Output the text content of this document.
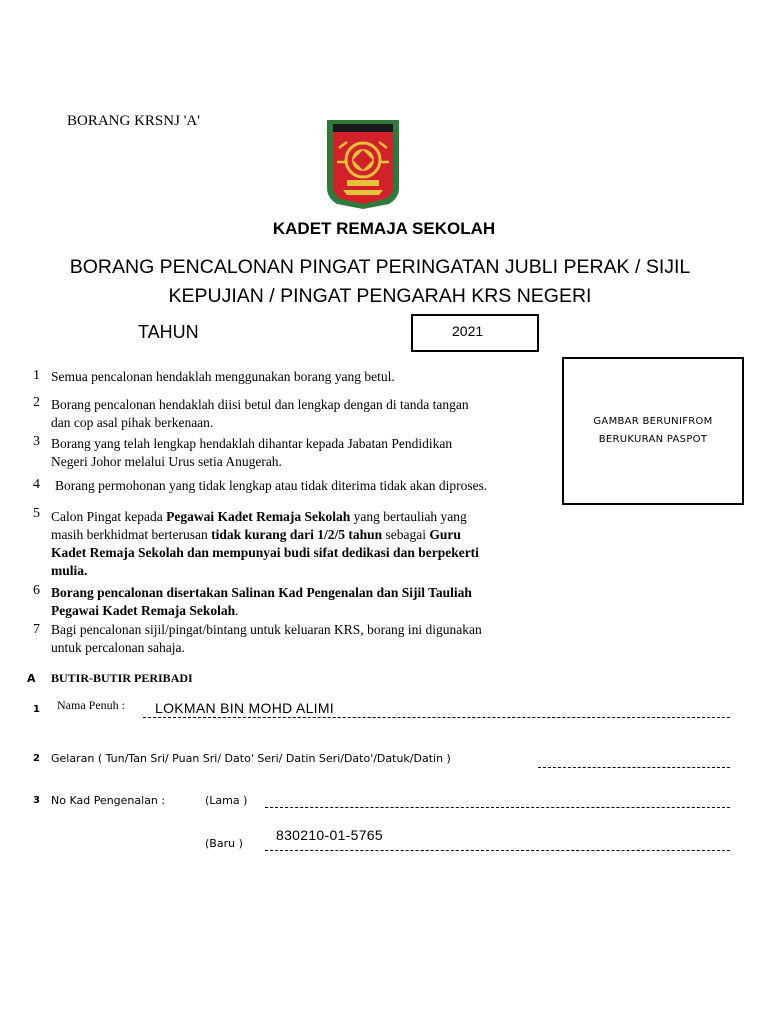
BORANG KRSNJ 'A'
KADET REMAJA SEKOLAH
BORANG PENCALONAN PINGAT PERINGATAN JUBLI PERAK / SIJIL
KEPUJIAN / PINGAT PENGARAH KRS NEGERI
TAHUN	2021
GAMBAR BERUNIFROM
BERUKURAN PASPOT
1 Semua pencalonan hendaklah menggunakan borang yang betul.
2 Borang pencalonan hendaklah diisi betul dan lengkap dengan di tanda tangan
dan cop asal pihak berkenaan.
3 Borang yang telah lengkap hendaklah dihantar kepada Jabatan Pendidikan
Negeri Johor melalui Urus setia Anugerah.
4 Borang permohonan yang tidak lengkap atau tidak diterima tidak akan diproses.
5 Calon Pingat kepada Pegawai Kadet Remaja Sekolah yang bertauliah yang
masih berkhidmat berterusan tidak kurang dari 1/2/5 tahun sebagai Guru
Kadet Remaja Sekolah dan mempunyai budi sifat dedikasi dan berpekerti
mulia.
6 Borang pencalonan disertakan Salinan Kad Pengenalan dan Sijil Tauliah
Pegawai Kadet Remaja Sekolah.
7 Bagi pencalonan sijil/pingat/bintang untuk keluaran KRS, borang ini digunakan
untuk percalonan sahaja.
A BUTIR-BUTIR PERIBADI
1 Nama Penuh : LOKMAN BIN MOHD ALIMI
2 Gelaran ( Tun/Tan Sri/ Puan Sri/ Dato' Seri/ Datin Seri/Dato'/Datuk/Datin )
3 No Kad Pengenalan :	(Lama )
(Baru )
830210-01-5765
